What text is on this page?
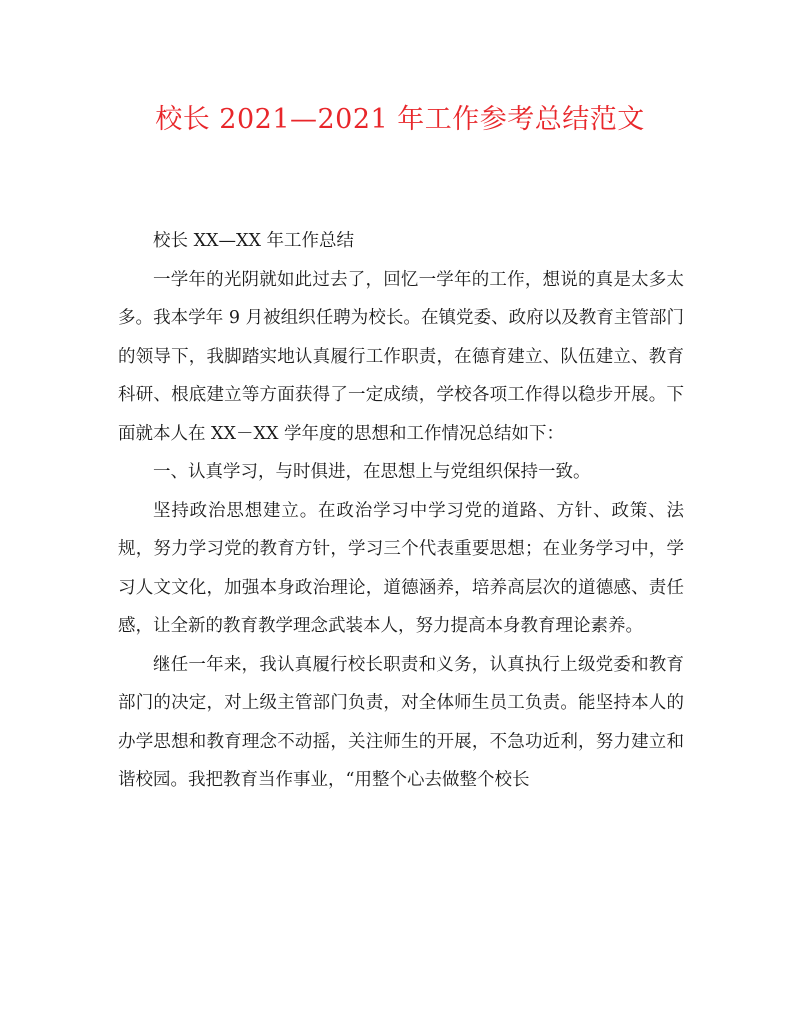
校长 2021—2021 年工作参考总结范文

校长 XX—XX 年工作总结

一学年的光阴就如此过去了，回忆一学年的工作，想说的真是太多太多。我本学年 9 月被组织任聘为校长。在镇党委、政府以及教育主管部门的领导下，我脚踏实地认真履行工作职责，在德育建立、队伍建立、教育科研、根底建立等方面获得了一定成绩，学校各项工作得以稳步开展。下面就本人在 XX－XX 学年度的思想和工作情况总结如下：

一、认真学习，与时俱进，在思想上与党组织保持一致。

坚持政治思想建立。在政治学习中学习党的道路、方针、政策、法规，努力学习党的教育方针，学习三个代表重要思想；在业务学习中，学习人文文化，加强本身政治理论，道德涵养，培养高层次的道德感、责任感，让全新的教育教学理念武装本人，努力提高本身教育理论素养。

继任一年来，我认真履行校长职责和义务，认真执行上级党委和教育部门的决定，对上级主管部门负责，对全体师生员工负责。能坚持本人的办学思想和教育理念不动摇，关注师生的开展，不急功近利，努力建立和谐校园。我把教育当作事业，“用整个心去做整个校长
